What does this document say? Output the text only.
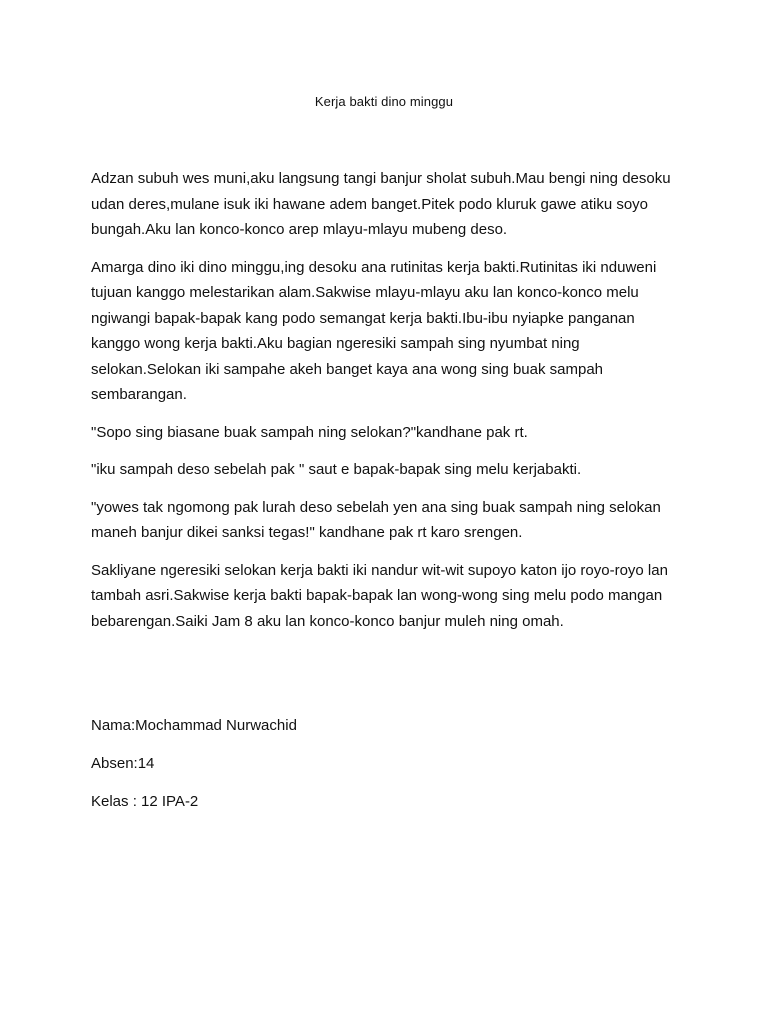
Kerja bakti dino minggu

Adzan subuh wes muni,aku langsung tangi banjur sholat subuh.Mau bengi ning desoku udan deres,mulane isuk iki hawane adem banget.Pitek podo kluruk gawe atiku soyo bungah.Aku lan konco-konco arep mlayu-mlayu mubeng deso.

Amarga dino iki dino minggu,ing desoku ana rutinitas kerja bakti.Rutinitas iki nduweni tujuan kanggo melestarikan alam.Sakwise mlayu-mlayu aku lan konco-konco melu ngiwangi bapak-bapak kang podo semangat kerja bakti.Ibu-ibu nyiapke panganan kanggo wong kerja bakti.Aku bagian ngeresiki sampah sing nyumbat ning selokan.Selokan iki sampahe akeh banget kaya ana wong sing buak sampah sembarangan.

"Sopo sing biasane buak sampah ning selokan?"kandhane pak rt.

"iku sampah deso sebelah pak " saut e bapak-bapak sing melu kerjabakti.

"yowes tak ngomong pak lurah deso sebelah yen ana sing buak sampah ning selokan maneh banjur dikei sanksi tegas!" kandhane pak rt karo srengen.

Sakliyane ngeresiki selokan kerja bakti iki nandur wit-wit supoyo katon ijo royo-royo lan tambah asri.Sakwise kerja bakti bapak-bapak lan wong-wong sing melu podo mangan bebarengan.Saiki Jam 8 aku lan konco-konco banjur muleh ning omah.

Nama:Mochammad Nurwachid

Absen:14

Kelas : 12 IPA-2
